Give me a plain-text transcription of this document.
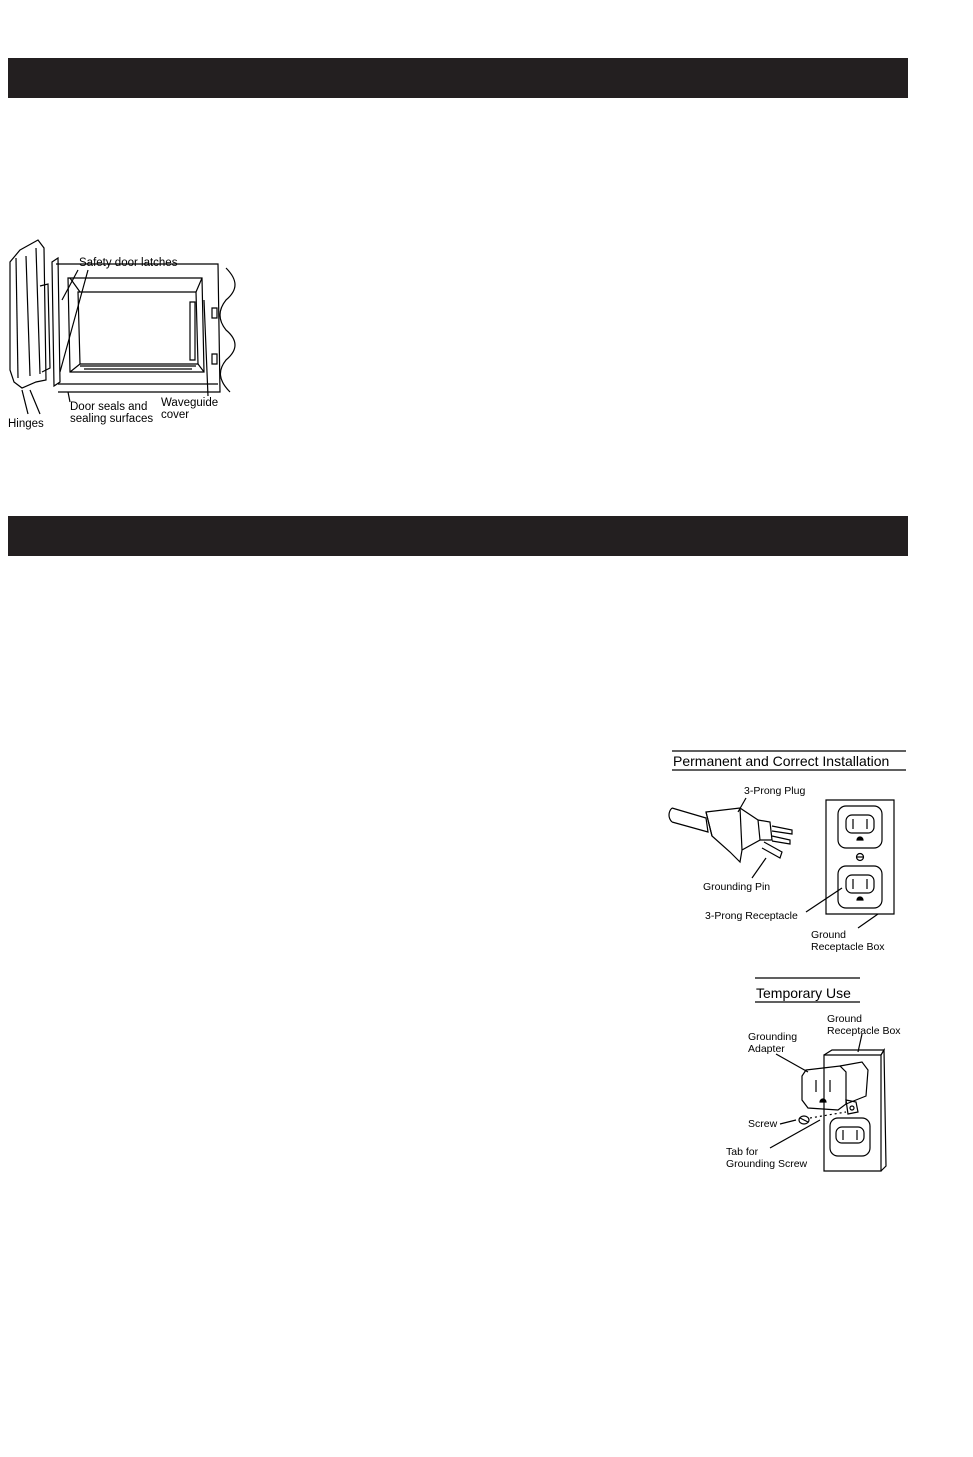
Safety door latches
Door seals and
sealing surfaces
Waveguide
cover
Hinges
Permanent and Correct Installation
3-Prong Plug
Grounding Pin
3-Prong Receptacle
Ground
Receptacle Box
Temporary Use
Ground
Receptacle Box
Grounding
Adapter
Screw
Tab for
Grounding Screw
